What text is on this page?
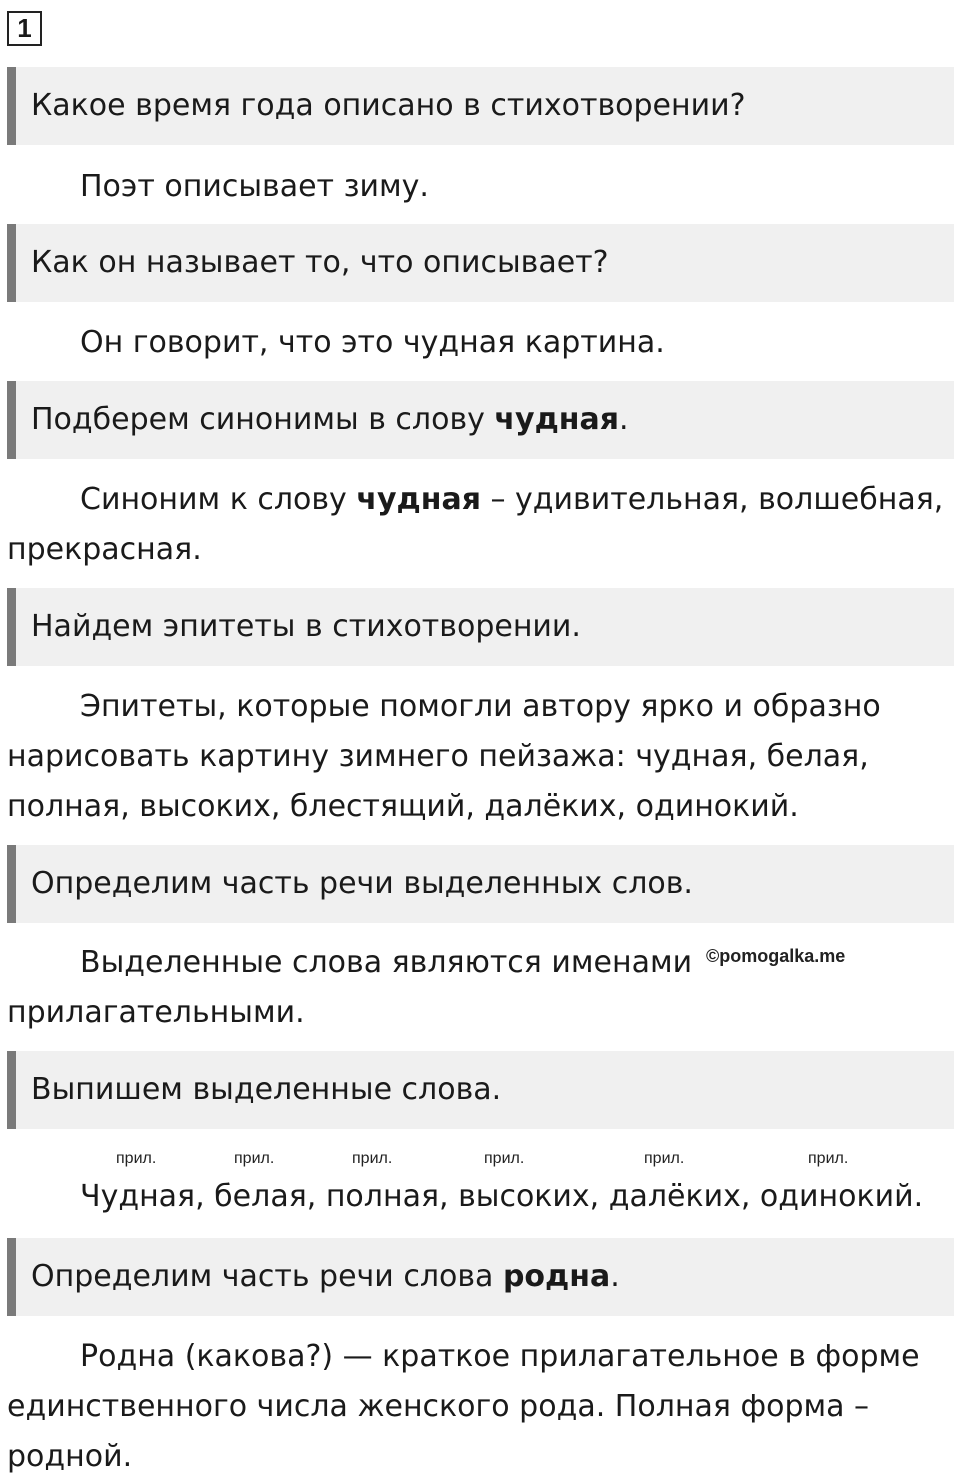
1
Какое время года описано в стихотворении?

Поэт описывает зиму.

Как он называет то, что описывает?

Он говорит, что это чудная картина.

Подберем синонимы в слову чудная.

Синоним к слову чудная – удивительная, волшебная,
прекрасная.

Найдем эпитеты в стихотворении.

Эпитеты, которые помогли автору ярко и образно
нарисовать картину зимнего пейзажа: чудная, белая,
полная, высоких, блестящий, далёких, одинокий.

Определим часть речи выделенных слов.

Выделенные слова являются именами
прилагательными.

©pomogalka.me
Выпишем выделенные слова.
прил.	прил.	прил.	прил.	прил.	прил.

Чудная, белая, полная, высоких, далёких, одинокий.

Определим часть речи слова родна.

Родна (какова?) — краткое прилагательное в форме
единственного числа женского рода. Полная форма –
родной.
